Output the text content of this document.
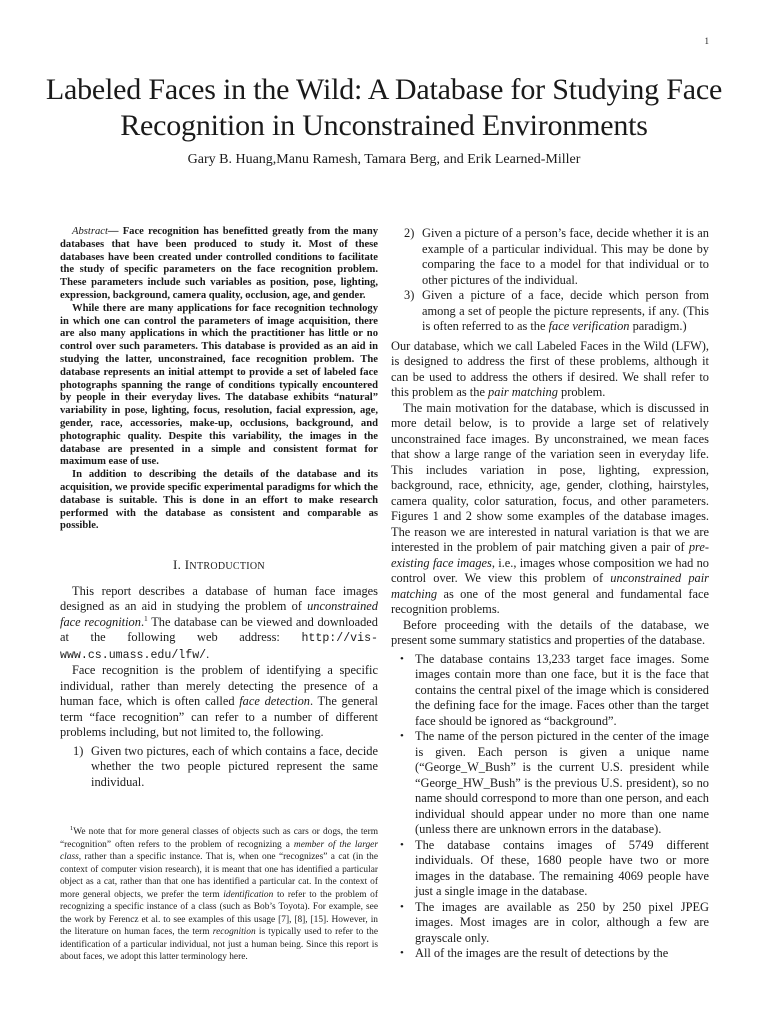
1
Labeled Faces in the Wild: A Database for Studying Face Recognition in Unconstrained Environments
Gary B. Huang,Manu Ramesh, Tamara Berg, and Erik Learned-Miller

Abstract— Face recognition has benefitted greatly from the many databases that have been produced to study it. Most of these databases have been created under controlled conditions to facilitate the study of specific parameters on the face recognition problem. These parameters include such variables as position, pose, lighting, expression, background, camera quality, occlusion, age, and gender.

While there are many applications for face recognition technology in which one can control the parameters of image acquisition, there are also many applications in which the practitioner has little or no control over such parameters. This database is provided as an aid in studying the latter, unconstrained, face recognition problem. The database represents an initial attempt to provide a set of labeled face photographs spanning the range of conditions typically encountered by people in their everyday lives. The database exhibits “natural” variability in pose, lighting, focus, resolution, facial expression, age, gender, race, accessories, make-up, occlusions, background, and photographic quality. Despite this variability, the images in the database are presented in a simple and consistent format for maximum ease of use.

In addition to describing the details of the database and its acquisition, we provide specific experimental paradigms for which the database is suitable. This is done in an effort to make research performed with the database as consistent and comparable as possible.

I. INTRODUCTION

This report describes a database of human face images designed as an aid in studying the problem of unconstrained face recognition.$^1$ The database can be viewed and downloaded at the following web address: http://vis-www.cs.umass.edu/lfw/.

Face recognition is the problem of identifying a specific individual, rather than merely detecting the presence of a human face, which is often called face detection. The general term “face recognition” can refer to a number of different problems including, but not limited to, the following.

1) Given two pictures, each of which contains a face, decide whether the two people pictured represent the same individual.

$^1$We note that for more general classes of objects such as cars or dogs, the term “recognition” often refers to the problem of recognizing a member of the larger class, rather than a specific instance. That is, when one “recognizes” a cat (in the context of computer vision research), it is meant that one has identified a particular object as a cat, rather than that one has identified a particular cat. In the context of more general objects, we prefer the term identification to refer to the problem of recognizing a specific instance of a class (such as Bob’s Toyota). For example, see the work by Ferencz et al. to see examples of this usage [7], [8], [15]. However, in the literature on human faces, the term recognition is typically used to refer to the identification of a particular individual, not just a human being. Since this report is about faces, we adopt this latter terminology here.

2) Given a picture of a person’s face, decide whether it is an example of a particular individual. This may be done by comparing the face to a model for that individual or to other pictures of the individual.
3) Given a picture of a face, decide which person from among a set of people the picture represents, if any. (This is often referred to as the face verification paradigm.)

Our database, which we call Labeled Faces in the Wild (LFW), is designed to address the first of these problems, although it can be used to address the others if desired. We shall refer to this problem as the pair matching problem.

The main motivation for the database, which is discussed in more detail below, is to provide a large set of relatively unconstrained face images. By unconstrained, we mean faces that show a large range of the variation seen in everyday life. This includes variation in pose, lighting, expression, background, race, ethnicity, age, gender, clothing, hairstyles, camera quality, color saturation, focus, and other parameters. Figures 1 and 2 show some examples of the database images. The reason we are interested in natural variation is that we are interested in the problem of pair matching given a pair of pre-existing face images, i.e., images whose composition we had no control over. We view this problem of unconstrained pair matching as one of the most general and fundamental face recognition problems.

Before proceeding with the details of the database, we present some summary statistics and properties of the database.

• The database contains 13,233 target face images. Some images contain more than one face, but it is the face that contains the central pixel of the image which is considered the defining face for the image. Faces other than the target face should be ignored as “background”.
• The name of the person pictured in the center of the image is given. Each person is given a unique name (“George_W_Bush” is the current U.S. president while “George_HW_Bush” is the previous U.S. president), so no name should correspond to more than one person, and each individual should appear under no more than one name (unless there are unknown errors in the database).
• The database contains images of 5749 different individuals. Of these, 1680 people have two or more images in the database. The remaining 4069 people have just a single image in the database.
• The images are available as 250 by 250 pixel JPEG images. Most images are in color, although a few are grayscale only.
• All of the images are the result of detections by the
